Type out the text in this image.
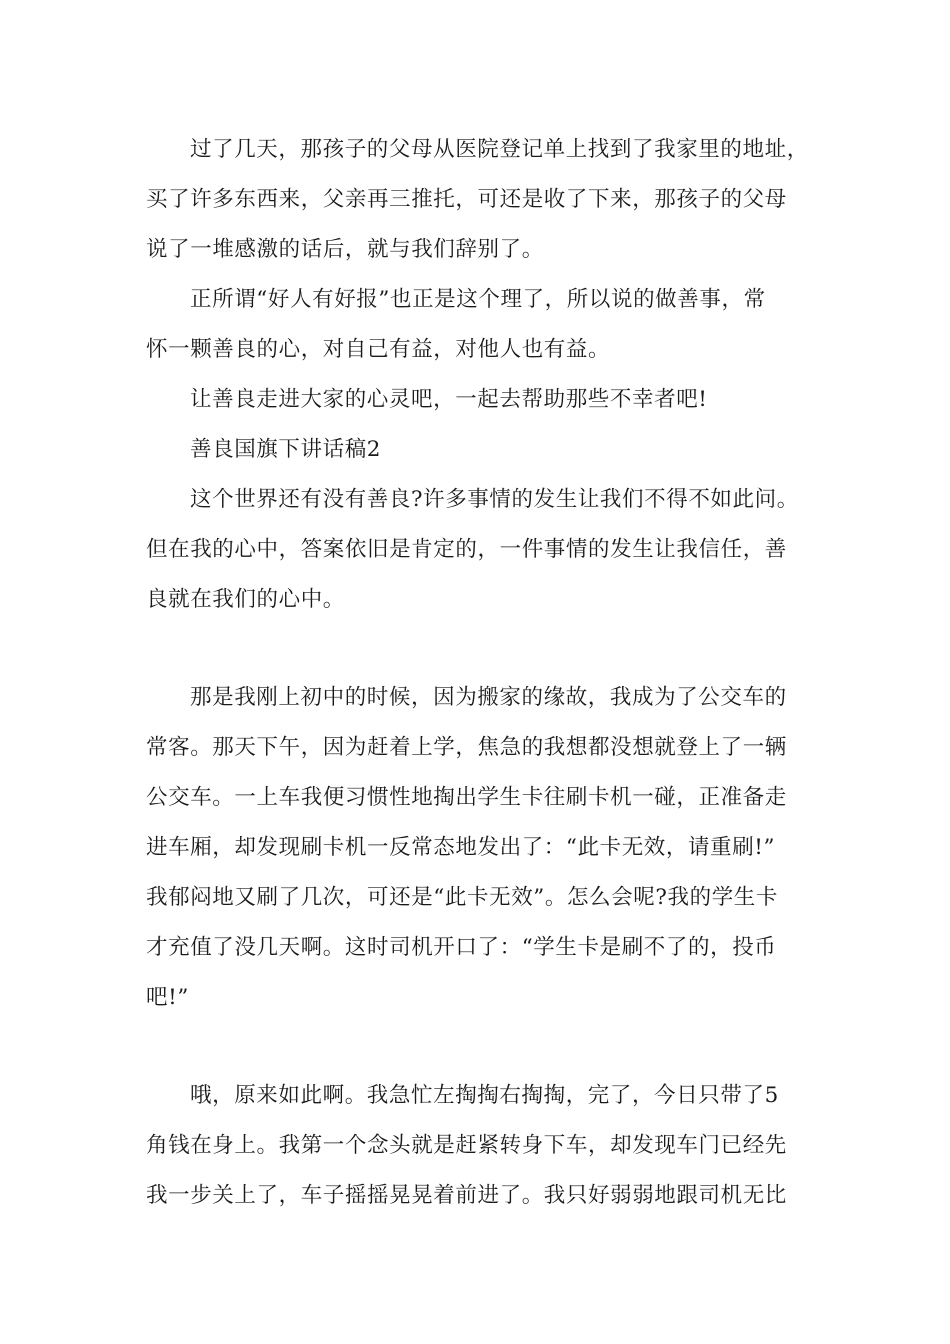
过了几天，那孩子的父母从医院登记单上找到了我家里的地址，
买了许多东西来，父亲再三推托，可还是收了下来，那孩子的父母
说了一堆感激的话后，就与我们辞别了。
正所谓“好人有好报”也正是这个理了，所以说的做善事，常
怀一颗善良的心，对自己有益，对他人也有益。
让善良走进大家的心灵吧，一起去帮助那些不幸者吧!
善良国旗下讲话稿2
这个世界还有没有善良?许多事情的发生让我们不得不如此问。
但在我的心中，答案依旧是肯定的，一件事情的发生让我信任，善
良就在我们的心中。
那是我刚上初中的时候，因为搬家的缘故，我成为了公交车的
常客。那天下午，因为赶着上学，焦急的我想都没想就登上了一辆
公交车。一上车我便习惯性地掏出学生卡往刷卡机一碰，正准备走
进车厢，却发现刷卡机一反常态地发出了：“此卡无效，请重刷!”
我郁闷地又刷了几次，可还是“此卡无效”。怎么会呢?我的学生卡
才充值了没几天啊。这时司机开口了：“学生卡是刷不了的，投币
吧!”
哦，原来如此啊。我急忙左掏掏右掏掏，完了，今日只带了5
角钱在身上。我第一个念头就是赶紧转身下车，却发现车门已经先
我一步关上了，车子摇摇晃晃着前进了。我只好弱弱地跟司机无比
